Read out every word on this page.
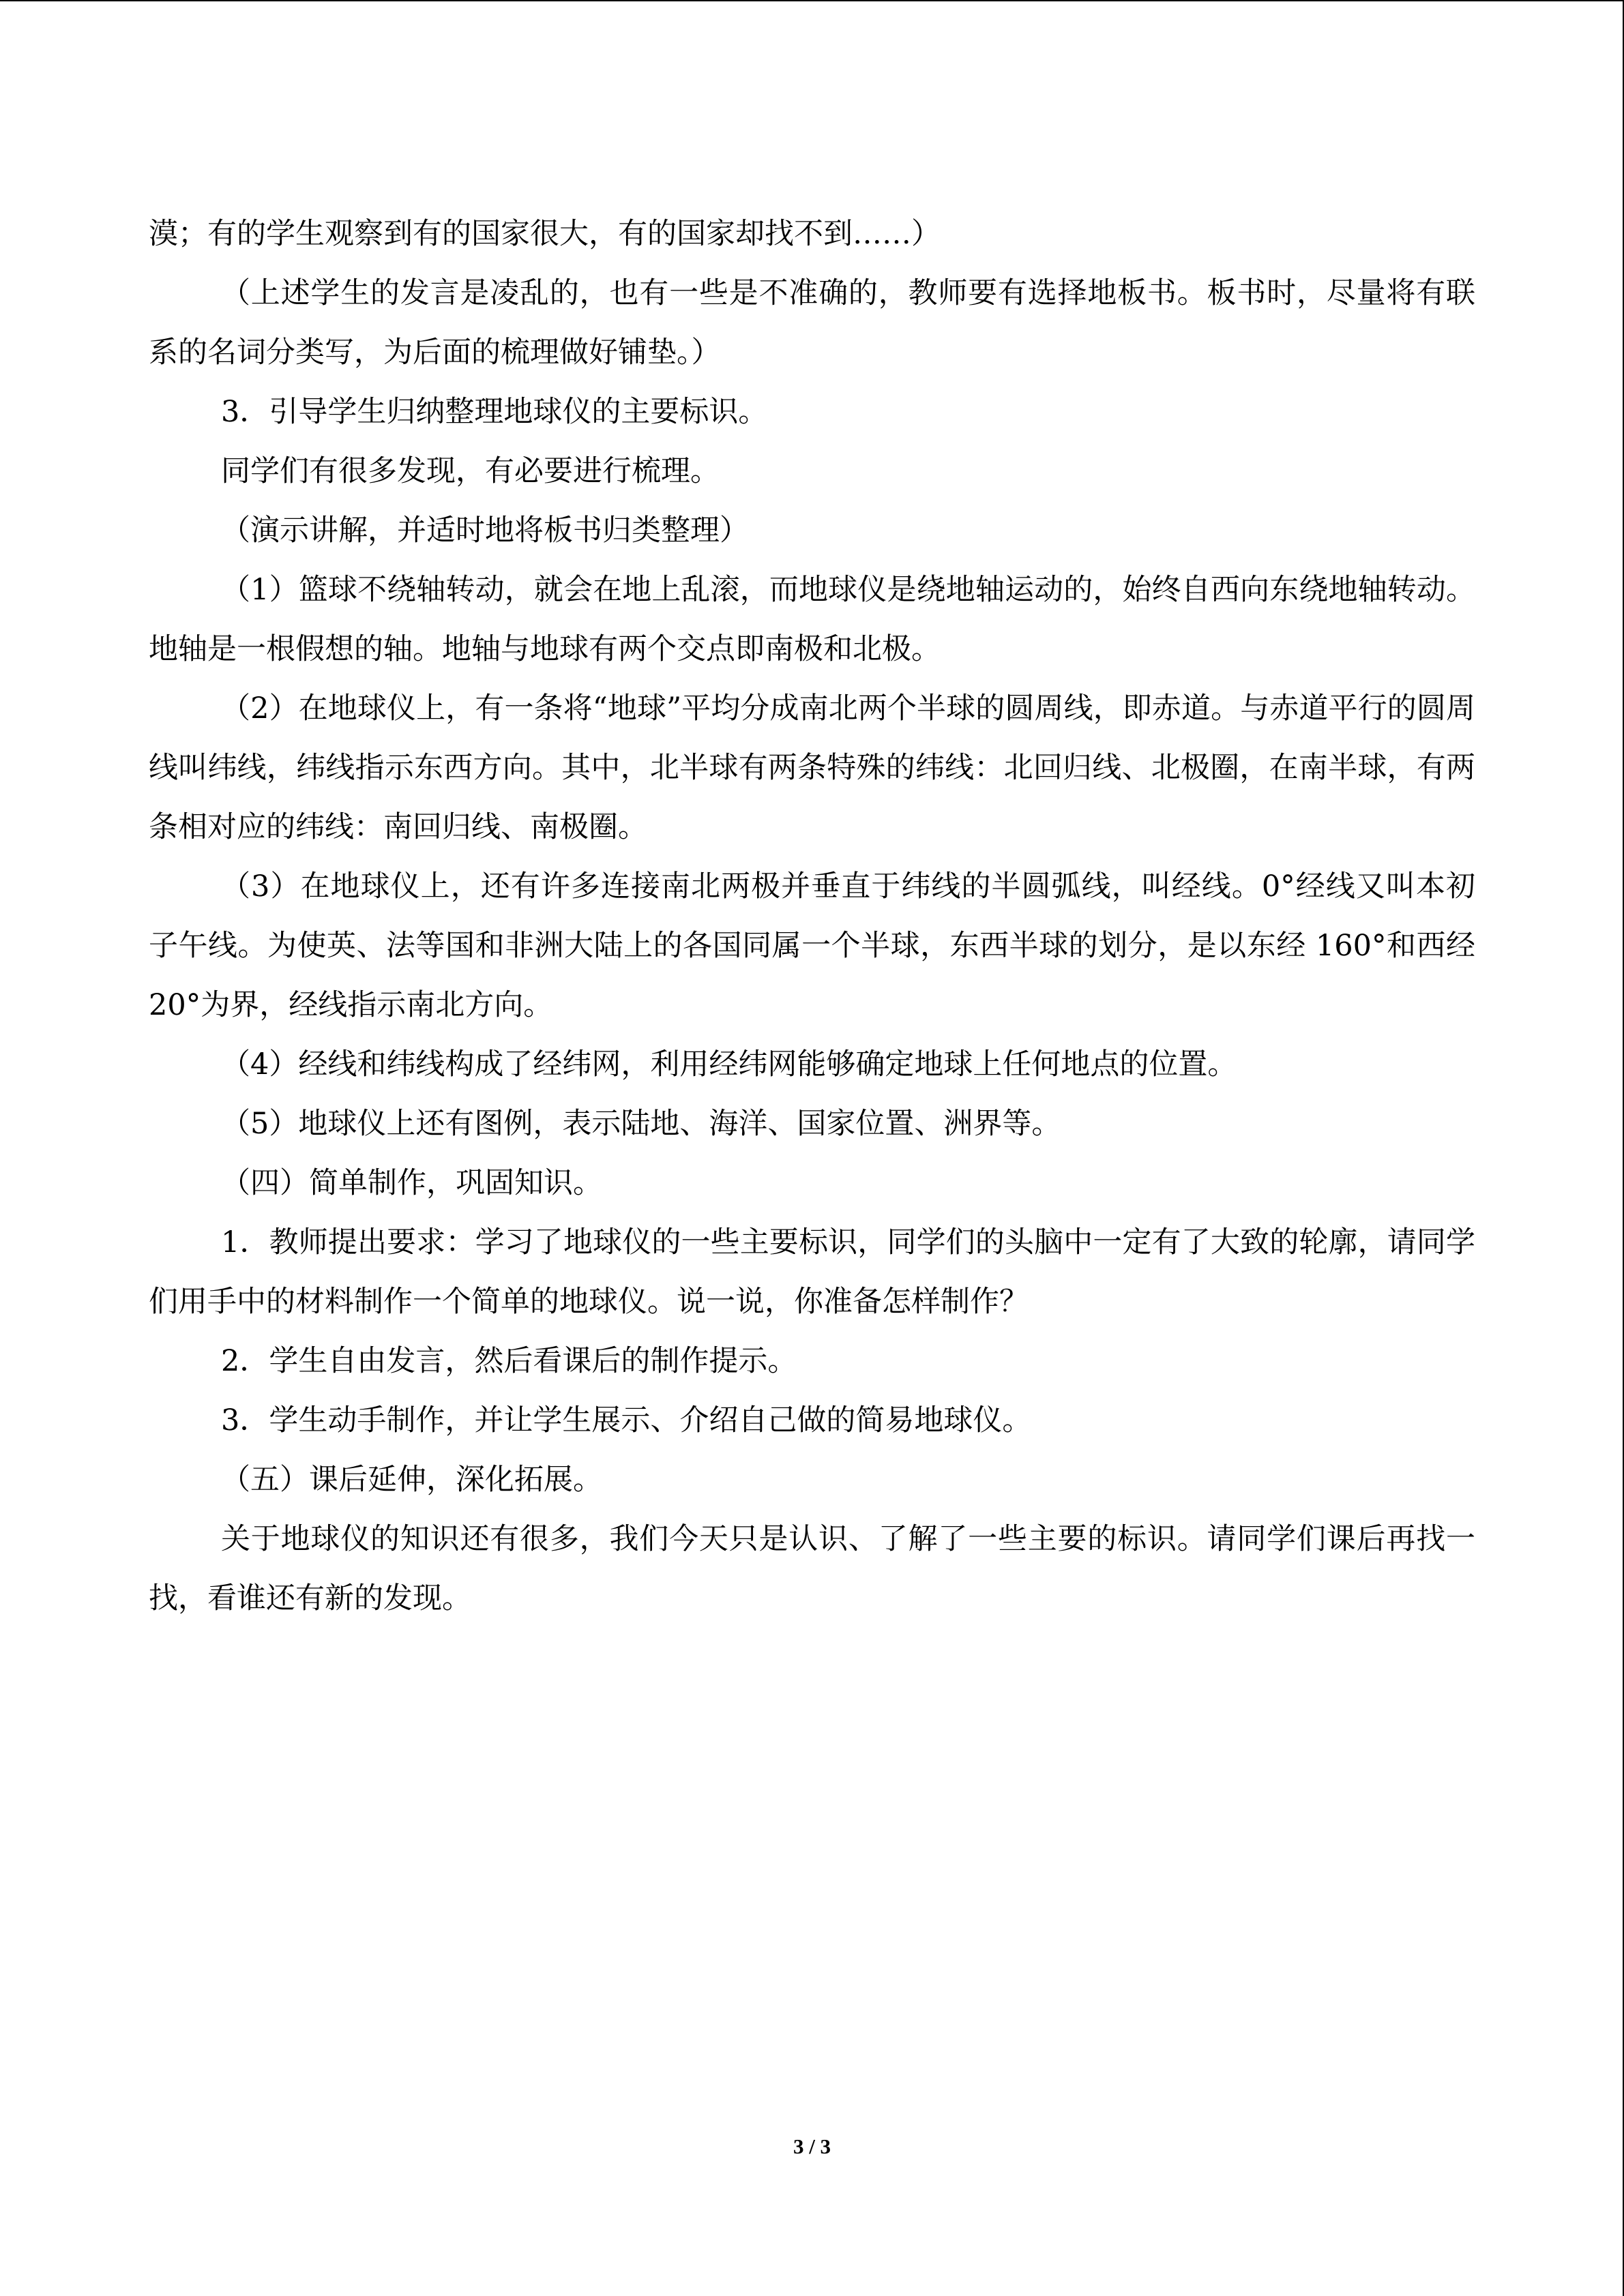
漠；有的学生观察到有的国家很大，有的国家却找不到……）

（上述学生的发言是凌乱的，也有一些是不准确的，教师要有选择地板书。板书时，尽量将有联系的名词分类写，为后面的梳理做好铺垫。）

3．引导学生归纳整理地球仪的主要标识。

同学们有很多发现，有必要进行梳理。

（演示讲解，并适时地将板书归类整理）

（1）篮球不绕轴转动，就会在地上乱滚，而地球仪是绕地轴运动的，始终自西向东绕地轴转动。地轴是一根假想的轴。地轴与地球有两个交点即南极和北极。

（2）在地球仪上，有一条将“地球”平均分成南北两个半球的圆周线，即赤道。与赤道平行的圆周线叫纬线，纬线指示东西方向。其中，北半球有两条特殊的纬线：北回归线、北极圈，在南半球，有两条相对应的纬线：南回归线、南极圈。

（3）在地球仪上，还有许多连接南北两极并垂直于纬线的半圆弧线，叫经线。0°经线又叫本初子午线。为使英、法等国和非洲大陆上的各国同属一个半球，东西半球的划分，是以东经 160°和西经 20°为界，经线指示南北方向。

（4）经线和纬线构成了经纬网，利用经纬网能够确定地球上任何地点的位置。

（5）地球仪上还有图例，表示陆地、海洋、国家位置、洲界等。

（四）简单制作，巩固知识。

1．教师提出要求：学习了地球仪的一些主要标识，同学们的头脑中一定有了大致的轮廓，请同学们用手中的材料制作一个简单的地球仪。说一说，你准备怎样制作？

2．学生自由发言，然后看课后的制作提示。

3．学生动手制作，并让学生展示、介绍自己做的简易地球仪。

（五）课后延伸，深化拓展。

关于地球仪的知识还有很多，我们今天只是认识、了解了一些主要的标识。请同学们课后再找一找，看谁还有新的发现。

3 / 3
